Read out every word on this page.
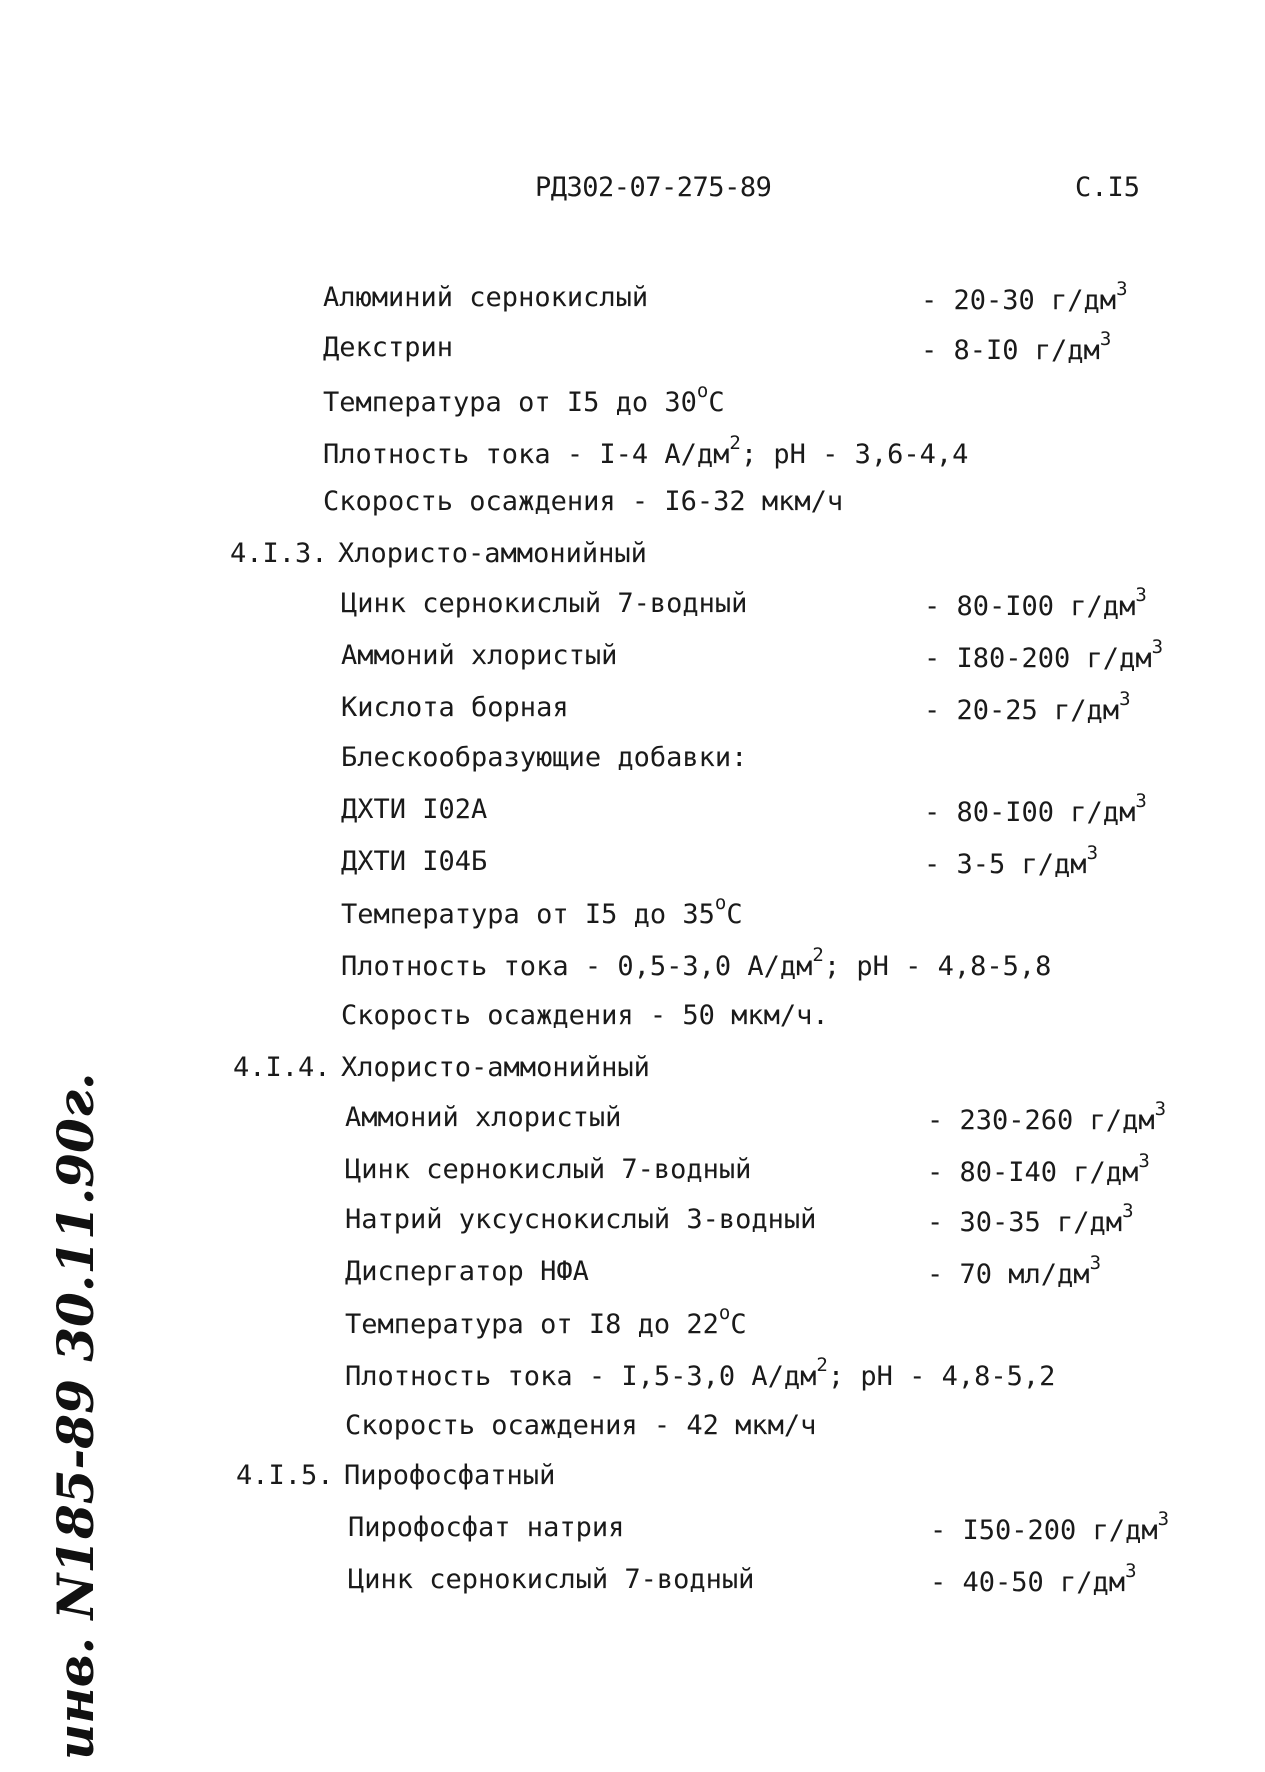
РД302-07-275-89	С.I5
Алюминий сернокислый	- 20-30 $г/дм^3$
Декстрин	- 8-I0 $г/дм^3$
Температура от I5 до $30^оС$
Плотность тока - I-4 $А/дм^2$; рН - 3,6-4,4
Скорость осаждения - I6-32 мкм/ч
4.I.3. Хлористо-аммонийный
Цинк сернокислый 7-водный	- 80-I00 $г/дм^3$
Аммоний хлористый	- I80-200 $г/дм^3$
Кислота борная	- 20-25 $г/дм^3$
Блескообразующие добавки:
ДХТИ I02А	- 80-I00 $г/дм^3$
ДХТИ I04Б	- 3-5 $г/дм^3$
Температура от I5 до $35^оС$
Плотность тока - 0,5-3,0 $А/дм^2$; рН - 4,8-5,8
Скорость осаждения - 50 мкм/ч.
4.I.4. Хлористо-аммонийный
Аммоний хлористый	- 230-260 $г/дм^3$
Цинк сернокислый 7-водный	- 80-I40 $г/дм^3$
Натрий уксуснокислый 3-водный	- 30-35 $г/дм^3$
Диспергатор НФА	- 70 $мл/дм^3$
Температура от I8 до $22^оС$
Плотность тока - I,5-3,0 $А/дм^2$; рН - 4,8-5,2
Скорость осаждения - 42 мкм/ч
4.I.5. Пирофосфатный
Пирофосфат натрия	- I50-200 $г/дм^3$
Цинк сернокислый 7-водный	- 40-50 $г/дм^3$
инв. N185-89 30.11.90г.
